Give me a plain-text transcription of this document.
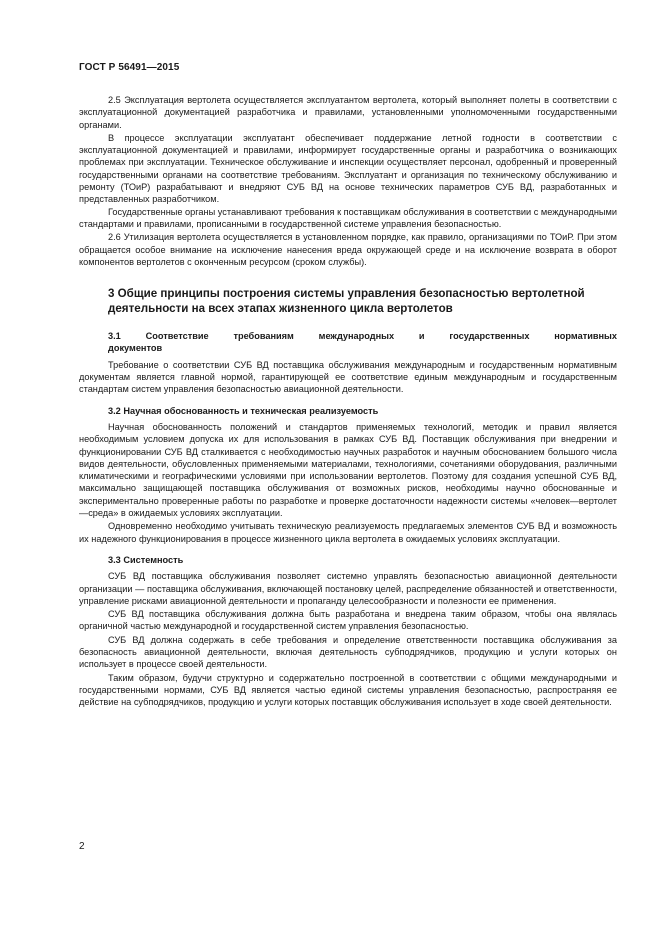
ГОСТ Р 56491—2015

2.5 Эксплуатация вертолета осуществляется эксплуатантом вертолета, который выполняет полеты в соответствии с эксплуатационной документацией разработчика и правилами, установленными уполномоченными государственными органами.

В процессе эксплуатации эксплуатант обеспечивает поддержание летной годности в соответствии с эксплуатационной документацией и правилами, информирует государственные органы и разработчика о возникающих проблемах при эксплуатации. Техническое обслуживание и инспекции осуществляет персонал, одобренный и проверенный государственными органами на соответствие требованиям. Эксплуатант и организация по техническому обслуживанию и ремонту (ТОиР) разрабатывают и внедряют СУБ ВД на основе технических параметров СУБ ВД, разработанных и представленных разработчиком.

Государственные органы устанавливают требования к поставщикам обслуживания в соответствии с международными стандартами и правилами, прописанными в государственной системе управления безопасностью.

2.6 Утилизация вертолета осуществляется в установленном порядке, как правило, организациями по ТОиР. При этом обращается особое внимание на исключение нанесения вреда окружающей среде и на исключение возврата в оборот компонентов вертолетов с оконченным ресурсом (сроком службы).

3 Общие принципы построения системы управления безопасностью вертолетной деятельности на всех этапах жизненного цикла вертолетов
3.1 Соответствие требованиям международных и государственных нормативных
документов

Требование о соответствии СУБ ВД поставщика обслуживания международным и государственным нормативным документам является главной нормой, гарантирующей ее соответствие единым международным и государственным стандартам систем управления безопасностью авиационной деятельности.

3.2 Научная обоснованность и техническая реализуемость

Научная обоснованность положений и стандартов применяемых технологий, методик и правил является необходимым условием допуска их для использования в рамках СУБ ВД. Поставщик обслуживания при внедрении и функционировании СУБ ВД сталкивается с необходимостью научных разработок и научным обоснованием большого числа видов деятельности, обусловленных применяемыми материалами, технологиями, сочетаниями оборудования, различными климатическими и географическими условиями при использовании вертолетов. Поэтому для создания успешной СУБ ВД, максимально защищающей поставщика обслуживания от возможных рисков, необходимы научно обоснованные и экспериментально проверенные работы по разработке и проверке достаточности надежности системы «человек—вертолет—среда» в ожидаемых условиях эксплуатации.

Одновременно необходимо учитывать техническую реализуемость предлагаемых элементов СУБ ВД и возможность их надежного функционирования в процессе жизненного цикла вертолета в ожидаемых условиях эксплуатации.

3.3 Системность

СУБ ВД поставщика обслуживания позволяет системно управлять безопасностью авиационной деятельности организации — поставщика обслуживания, включающей постановку целей, распределение обязанностей и ответственности, управление рисками авиационной деятельности и пропаганду целесообразности и полезности ее применения.

СУБ ВД поставщика обслуживания должна быть разработана и внедрена таким образом, чтобы она являлась органичной частью международной и государственной систем управления безопасностью.

СУБ ВД должна содержать в себе требования и определение ответственности поставщика обслуживания за безопасность авиационной деятельности, включая деятельность субподрядчиков, продукцию и услуги которых он использует в процессе своей деятельности.

Таким образом, будучи структурно и содержательно построенной в соответствии с общими международными и государственными нормами, СУБ ВД является частью единой системы управления безопасностью, распространяя ее действие на субподрядчиков, продукцию и услуги которых поставщик обслуживания использует в ходе своей деятельности.

2
